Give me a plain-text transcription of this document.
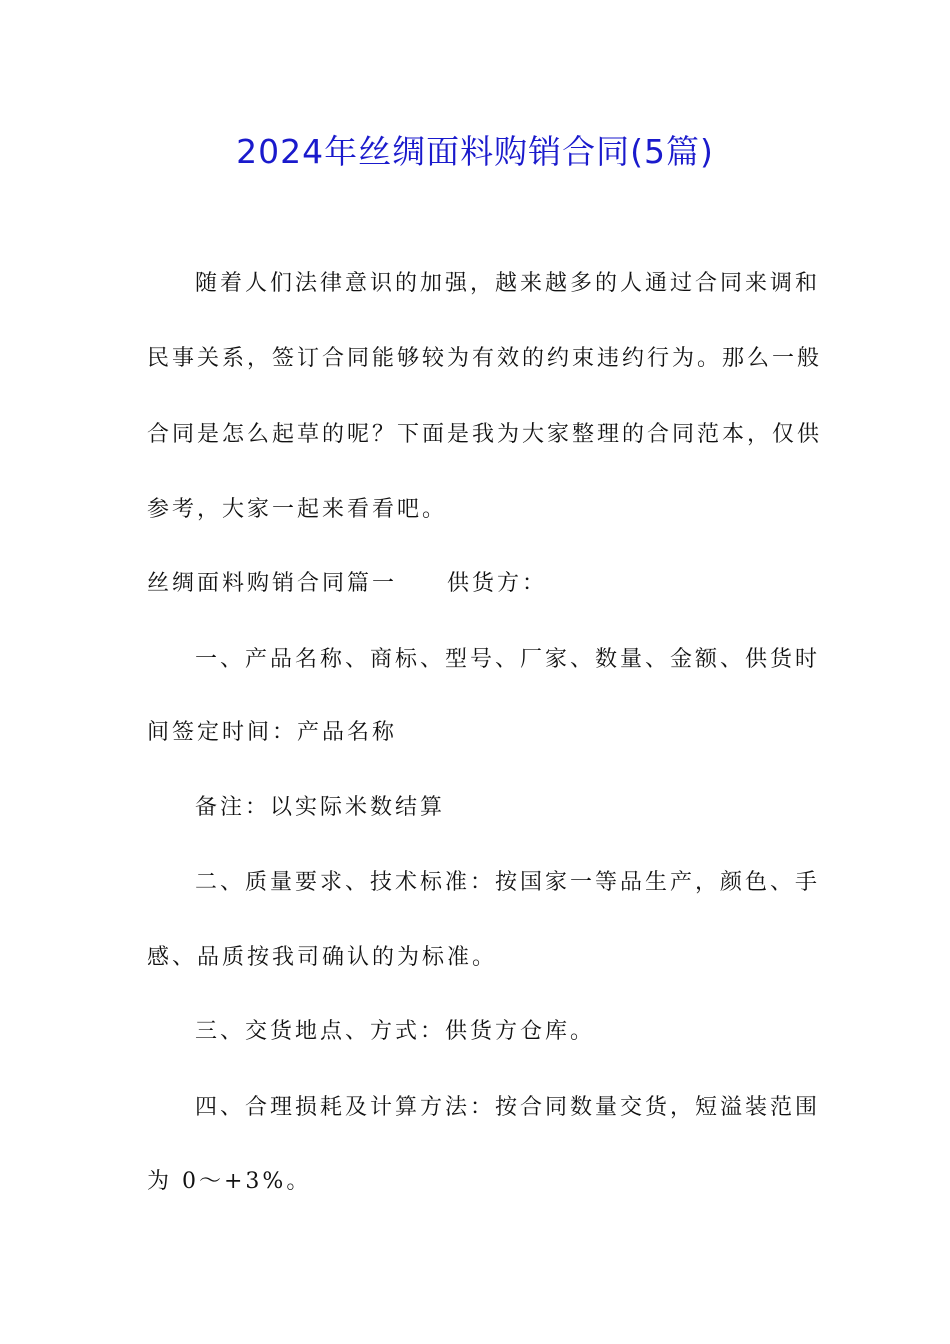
2024年丝绸面料购销合同(5篇)
随着人们法律意识的加强，越来越多的人通过合同来调和
民事关系，签订合同能够较为有效的约束违约行为。那么一般
合同是怎么起草的呢？下面是我为大家整理的合同范本，仅供
参考，大家一起来看看吧。
丝绸面料购销合同篇一　　供货方：
一、产品名称、商标、型号、厂家、数量、金额、供货时
间签定时间：产品名称
备注：以实际米数结算
二、质量要求、技术标准：按国家一等品生产，颜色、手
感、品质按我司确认的为标准。
三、交货地点、方式：供货方仓库。
四、合理损耗及计算方法：按合同数量交货，短溢装范围
为 0～+3%。
